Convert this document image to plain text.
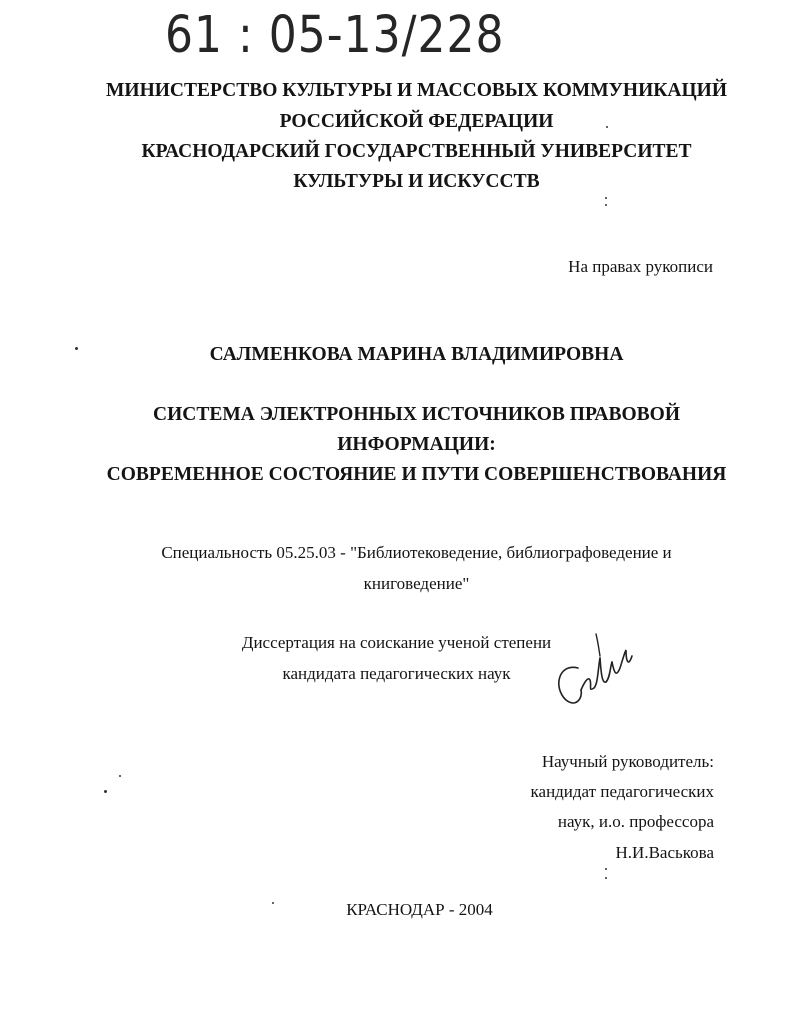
61 : 05-13/228
МИНИСТЕРСТВО КУЛЬТУРЫ И МАССОВЫХ КОММУНИКАЦИЙ
РОССИЙСКОЙ ФЕДЕРАЦИИ
КРАСНОДАРСКИЙ ГОСУДАРСТВЕННЫЙ УНИВЕРСИТЕТ
КУЛЬТУРЫ И ИСКУССТВ
На правах рукописи
САЛМЕНКОВА МАРИНА ВЛАДИМИРОВНА
СИСТЕМА ЭЛЕКТРОННЫХ ИСТОЧНИКОВ ПРАВОВОЙ
ИНФОРМАЦИИ:
СОВРЕМЕННОЕ СОСТОЯНИЕ И ПУТИ СОВЕРШЕНСТВОВАНИЯ
Специальность 05.25.03 - "Библиотековедение, библиографоведение и
книговедение"
Диссертация на соискание ученой степени
кандидата педагогических наук
Научный руководитель:
кандидат педагогических
наук, и.о. профессора
Н.И.Васькова
КРАСНОДАР - 2004
